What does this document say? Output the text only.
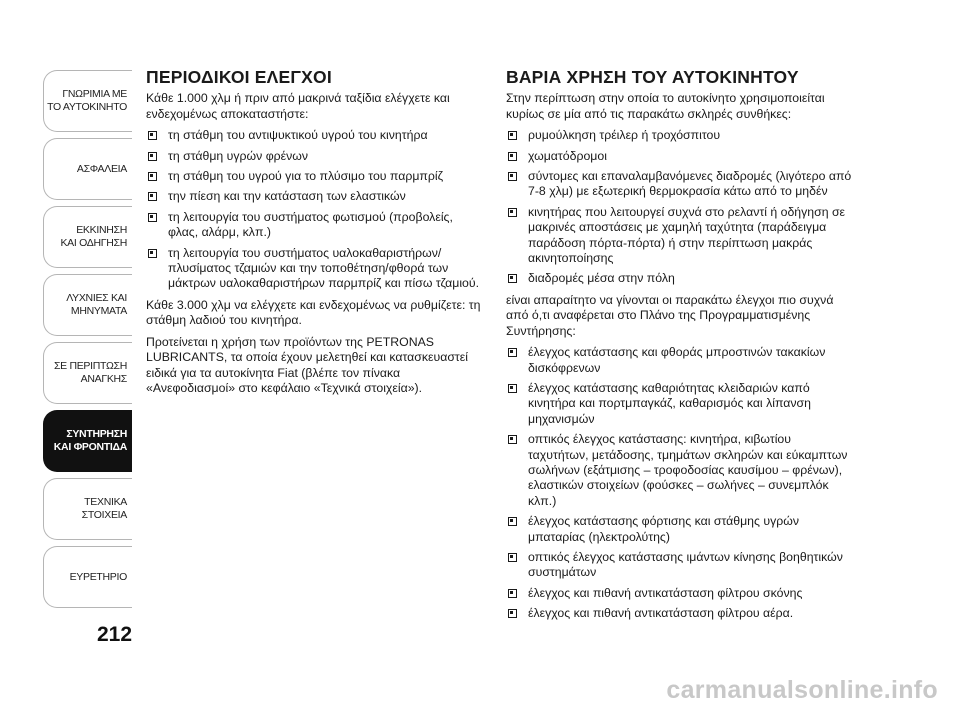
ΓΝΩΡΙΜΙΑ ΜΕ
ΤΟ ΑΥΤΟΚΙΝΗΤΟ
ΑΣΦΑΛΕΙΑ
ΕΚΚΙΝΗΣΗ
ΚΑΙ ΟΔΗΓΗΣΗ
ΛΥΧΝΙΕΣ ΚΑΙ
ΜΗΝΥΜΑΤΑ
ΣΕ ΠΕΡΙΠΤΩΣΗ
ΑΝΑΓΚΗΣ
ΣΥΝΤΗΡΗΣΗ
ΚΑΙ ΦΡΟΝΤΙΔΑ
ΤΕΧΝΙΚΑ
ΣΤΟΙΧΕΙΑ
ΕΥΡΕΤΗΡΙΟ
212
ΠΕΡΙΟΔΙΚΟΙ ΕΛΕΓΧΟΙ

Κάθε 1.000 χλμ ή πριν από μακρινά ταξίδια ελέγχετε και ενδεχομένως αποκαταστήστε:

τη στάθμη του αντιψυκτικού υγρού του κινητήρα
τη στάθμη υγρών φρένων
τη στάθμη του υγρού για το πλύσιμο του παρμπρίζ
την πίεση και την κατάσταση των ελαστικών
τη λειτουργία του συστήματος φωτισμού (προβολείς, φλας, αλάρμ, κλπ.)
τη λειτουργία του συστήματος υαλοκαθαριστήρων/πλυσίματος τζαμιών και την τοποθέτηση/φθορά των μάκτρων υαλοκαθαριστήρων παρμπρίζ και πίσω τζαμιού.

Κάθε 3.000 χλμ να ελέγχετε και ενδεχομένως να ρυθμίζετε: τη στάθμη λαδιού του κινητήρα.

Προτείνεται η χρήση των προϊόντων της PETRONAS LUBRICANTS, τα οποία έχουν μελετηθεί και κατασκευαστεί ειδικά για τα αυτοκίνητα Fiat (βλέπε τον πίνακα «Ανεφοδιασμοί» στο κεφάλαιο «Τεχνικά στοιχεία»).

ΒΑΡΙΑ ΧΡΗΣΗ ΤΟΥ ΑΥΤΟΚΙΝΗΤΟΥ

Στην περίπτωση στην οποία το αυτοκίνητο χρησιμοποιείται κυρίως σε μία από τις παρακάτω σκληρές συνθήκες:

ρυμούλκηση τρέιλερ ή τροχόσπιτου
χωματόδρομοι
σύντομες και επαναλαμβανόμενες διαδρομές (λιγότερο από 7-8 χλμ) με εξωτερική θερμοκρασία κάτω από το μηδέν
κινητήρας που λειτουργεί συχνά στο ρελαντί ή οδήγηση σε μακρινές αποστάσεις με χαμηλή ταχύτητα (παράδειγμα παράδοση πόρτα-πόρτα) ή στην περίπτωση μακράς ακινητοποίησης
διαδρομές μέσα στην πόλη

είναι απαραίτητο να γίνονται οι παρακάτω έλεγχοι πιο συχνά από ό,τι αναφέρεται στο Πλάνο της Προγραμματισμένης Συντήρησης:

έλεγχος κατάστασης και φθοράς μπροστινών τακακίων δισκόφρενων
έλεγχος κατάστασης καθαριότητας κλειδαριών καπό κινητήρα και πορτμπαγκάζ, καθαρισμός και λίπανση μηχανισμών
οπτικός έλεγχος κατάστασης: κινητήρα, κιβωτίου ταχυτήτων, μετάδοσης, τμημάτων σκληρών και εύκαμπτων σωλήνων (εξάτμισης – τροφοδοσίας καυσίμου – φρένων), ελαστικών στοιχείων (φούσκες – σωλήνες – συνεμπλόκ κλπ.)
έλεγχος κατάστασης φόρτισης και στάθμης υγρών μπαταρίας (ηλεκτρολύτης)
οπτικός έλεγχος κατάστασης ιμάντων κίνησης βοηθητικών συστημάτων
έλεγχος και πιθανή αντικατάσταση φίλτρου σκόνης
έλεγχος και πιθανή αντικατάσταση φίλτρου αέρα.
carmanualsonline.info
